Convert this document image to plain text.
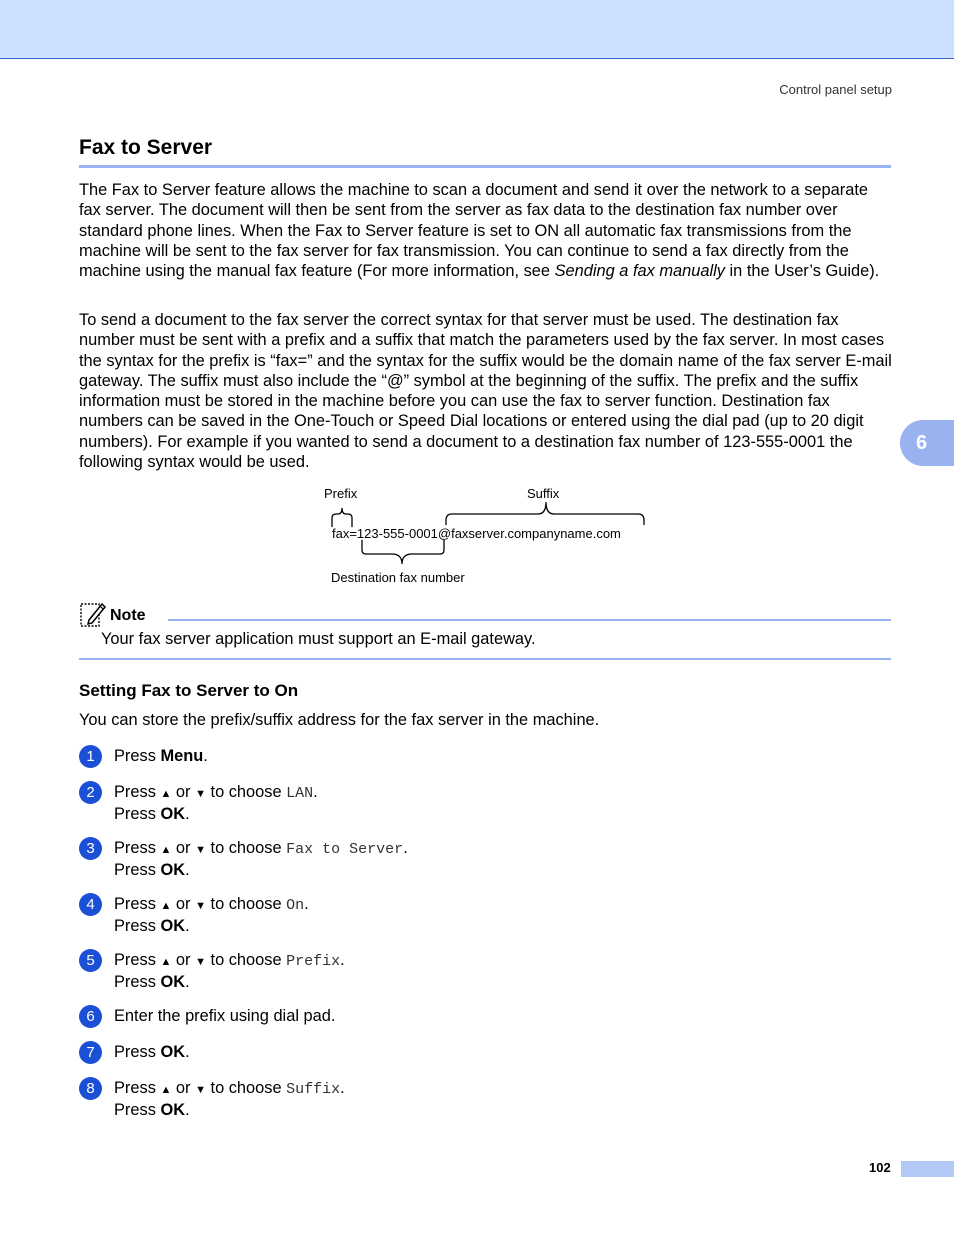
Control panel setup
Fax to Server

The Fax to Server feature allows the machine to scan a document and send it over the network to a separate fax server. The document will then be sent from the server as fax data to the destination fax number over standard phone lines. When the Fax to Server feature is set to ON all automatic fax transmissions from the machine will be sent to the fax server for fax transmission. You can continue to send a fax directly from the machine using the manual fax feature (For more information, see Sending a fax manually in the User’s Guide).

To send a document to the fax server the correct syntax for that server must be used. The destination fax number must be sent with a prefix and a suffix that match the parameters used by the fax server. In most cases the syntax for the prefix is “fax=” and the syntax for the suffix would be the domain name of the fax server E-mail gateway. The suffix must also include the “@” symbol at the beginning of the suffix. The prefix and the suffix information must be stored in the machine before you can use the fax to server function. Destination fax numbers can be saved in the One-Touch or Speed Dial locations or entered using the dial pad (up to 20 digit numbers). For example if you wanted to send a document to a destination fax number of 123-555-0001 the following syntax would be used.

6
Prefix	Suffix
fax=123-555-0001@faxserver.companyname.com
Destination fax number
Note
Your fax server application must support an E-mail gateway.
Setting Fax to Server to On
You can store the prefix/suffix address for the fax server in the machine.
1	Press Menu.
2	Press ▲ or ▼ to choose LAN.
Press OK.
3	Press ▲ or ▼ to choose Fax to Server.
Press OK.
4	Press ▲ or ▼ to choose On.
Press OK.
5	Press ▲ or ▼ to choose Prefix.
Press OK.
6	Enter the prefix using dial pad.
7	Press OK.
8	Press ▲ or ▼ to choose Suffix.
Press OK.
102
